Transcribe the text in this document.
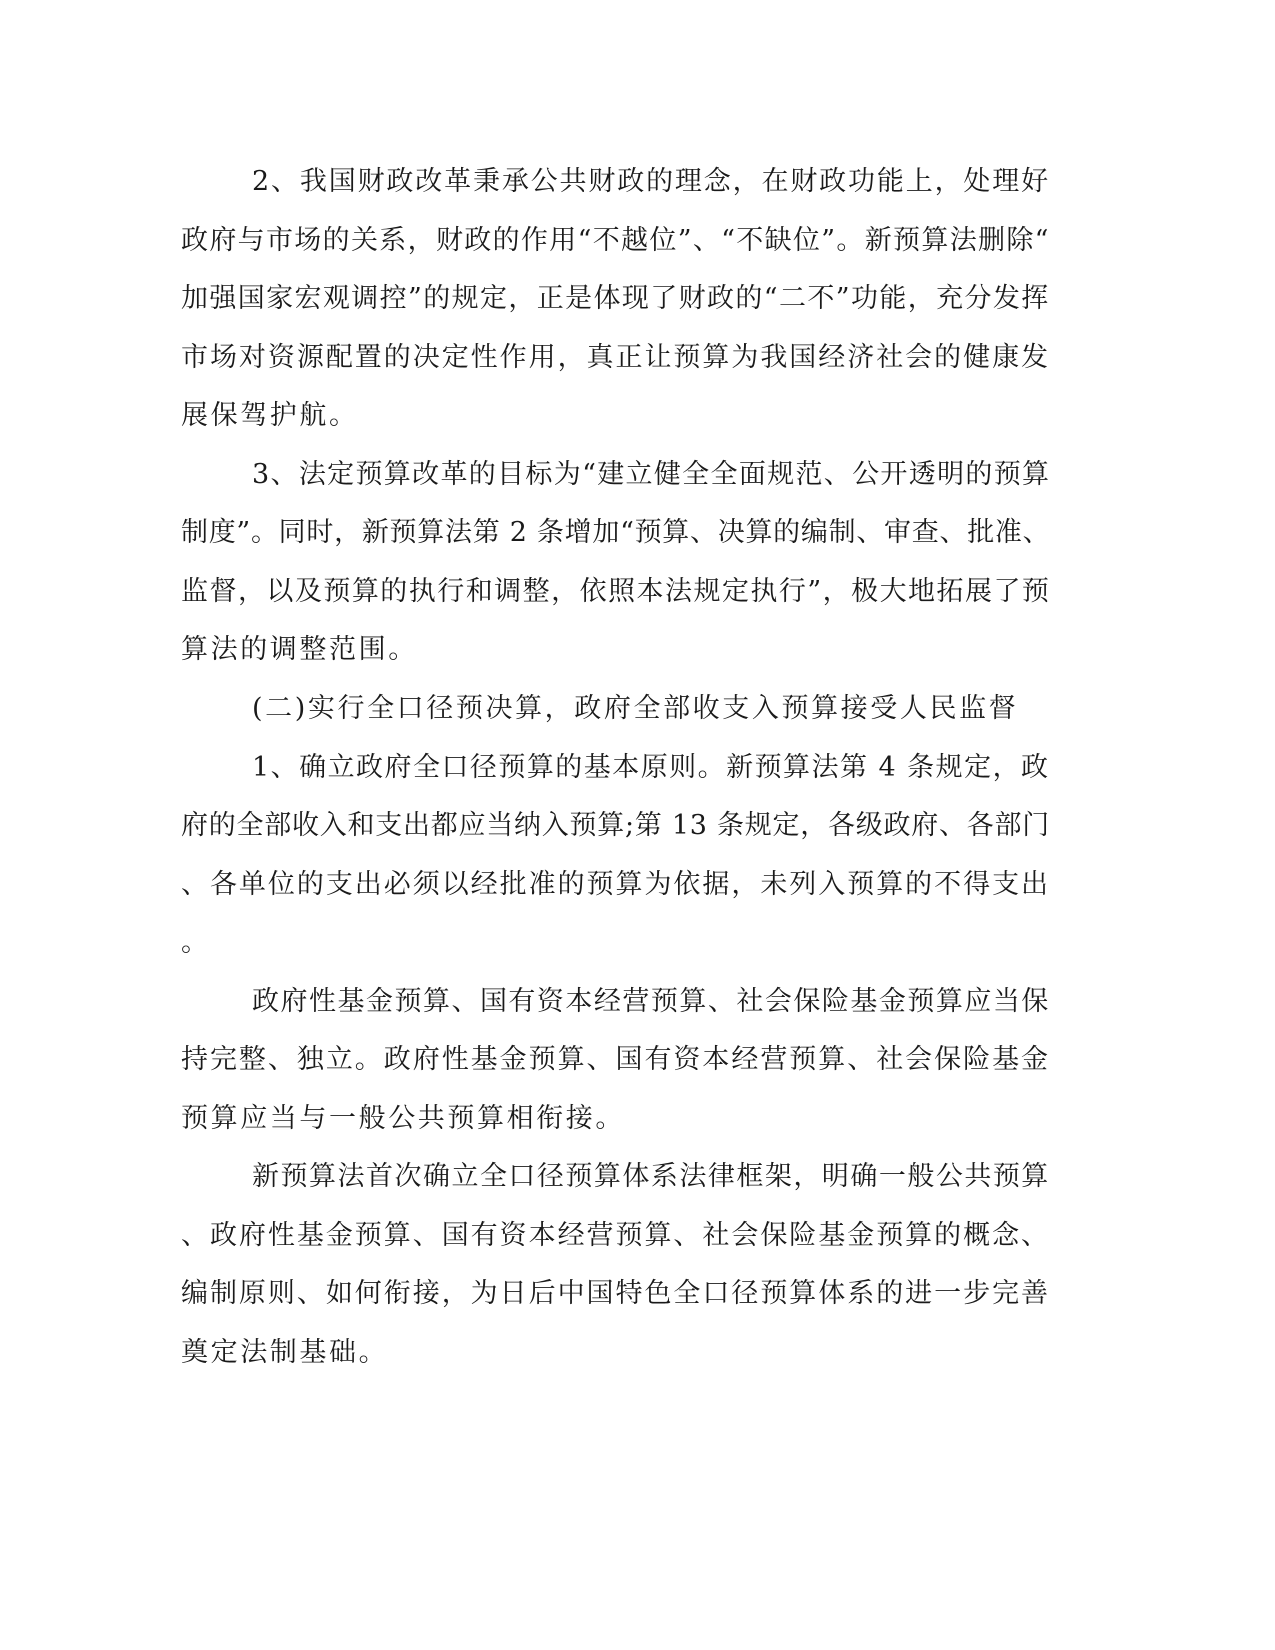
2、我国财政改革秉承公共财政的理念，在财政功能上，处理好
政府与市场的关系，财政的作用“不越位”、“不缺位”。新预算法删除“
加强国家宏观调控”的规定，正是体现了财政的“二不”功能，充分发挥
市场对资源配置的决定性作用，真正让预算为我国经济社会的健康发
展保驾护航。
3、法定预算改革的目标为“建立健全全面规范、公开透明的预算
制度”。同时，新预算法第 2 条增加“预算、决算的编制、审查、批准、
监督，以及预算的执行和调整，依照本法规定执行”，极大地拓展了预
算法的调整范围。
(二)实行全口径预决算，政府全部收支入预算接受人民监督
1、确立政府全口径预算的基本原则。新预算法第 4 条规定，政
府的全部收入和支出都应当纳入预算;第 13 条规定，各级政府、各部门
、各单位的支出必须以经批准的预算为依据，未列入预算的不得支出
。
政府性基金预算、国有资本经营预算、社会保险基金预算应当保
持完整、独立。政府性基金预算、国有资本经营预算、社会保险基金
预算应当与一般公共预算相衔接。
新预算法首次确立全口径预算体系法律框架，明确一般公共预算
、政府性基金预算、国有资本经营预算、社会保险基金预算的概念、
编制原则、如何衔接，为日后中国特色全口径预算体系的进一步完善
奠定法制基础。
